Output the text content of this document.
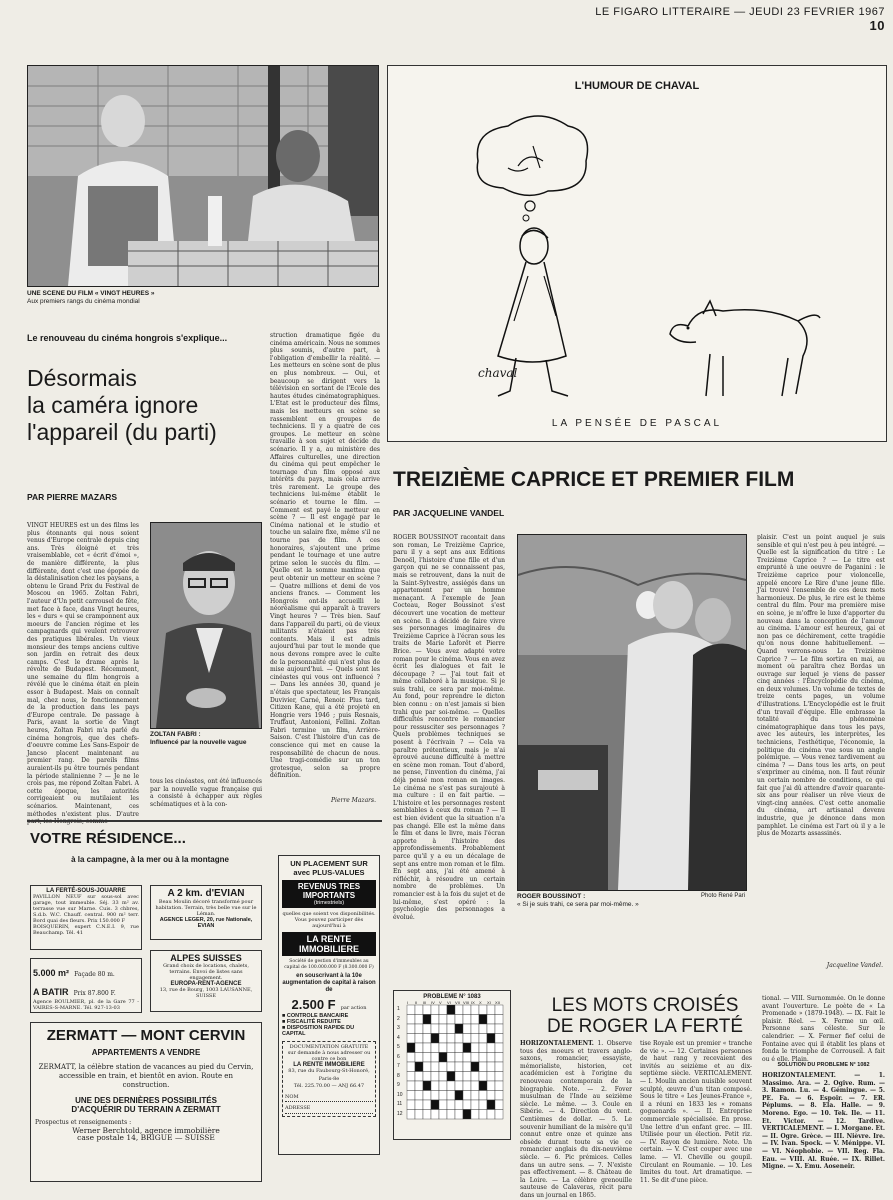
LE FIGARO LITTERAIRE — JEUDI 23 FEVRIER 1967 10
UNE SCENE DU FILM « VINGT HEURES »
Aux premiers rangs du cinéma mondial
Le renouveau du cinéma hongrois s'explique...
Désormais
la caméra ignore
l'appareil (du parti)
PAR PIERRE MAZARS
VINGT HEURES est un des films les plus étonnants qui nous soient venus d'Europe centrale depuis cinq ans. Très éloigné et très vraisemblable, cet « écrit d'émoi », de manière différente, la plus différente, dont c'est une épopée de la déstalinisation chez les paysans, a obtenu le Grand Prix du Festival de Moscou en 1965. Zoltan Fabri, l'auteur d'Un petit carrousel de fête, met face à face, dans Vingt heures, les « durs » qui se cramponnent aux moeurs de l'ancien régime et les campagnards qui veulent retrouver des pratiques libérales. Un vieux monsieur des temps anciens cultive son jardin en retrait des deux camps. C'est le drame après la révolte de Budapest. Récemment, une semaine du film hongrois a révélé que le cinéma était en plein essor à Budapest. Mais on connaît mal, chez nous, le fonctionnement de la production dans les pays d'Europe centrale. De passage à Paris, avant la sortie de Vingt heures, Zoltan Fabri m'a parlé du cinéma hongrois, que des chefs-d'oeuvre comme Les Sans-Espoir de Jancso placent maintenant au premier rang. De pareils films auraient-ils pu être tournés pendant la période stalinienne ? — Je ne le crois pas, me répond Zoltan Fabri. A cette époque, les autorités corrigeaient ou mutilaient les scénarios. Maintenant, ces méthodes n'existent plus. D'autre
ZOLTAN FABRI :
Influencé par la nouvelle vague
tous les cinéastes, ont été influencés par la nouvelle vague française qui a consisté à échapper aux règles schématiques et à la con-
struction dramatique figée du cinéma américain. Nous ne sommes plus soumis, d'autre part, à l'obligation d'embellir la réalité. — Les metteurs en scène sont de plus en plus nombreux. — Oui, et beaucoup se dirigent vers la télévision en sortant de l'Ecole des hautes études cinématographiques. L'Etat est le producteur des films, mais les metteurs en scène se rassemblent en groupes de techniciens. Il y a quatre de ces groupes. Le metteur en scène travaille à son sujet et décide du scénario. Il y a, au ministère des Affaires culturelles, une direction du cinéma qui peut empêcher le tournage d'un film opposé aux intérêts du pays, mais cela arrive très rarement. Le groupe des techniciens lui-même établit le scénario et tourne le film. — Comment est payé le metteur en scène ? — Il est engagé par le Cinéma national et le studio et touche un salaire fixe, même s'il ne tourne pas de film. A ces honoraires, s'ajoutent une prime pendant le tournage et une autre prime selon le succès du film. — Quelle est la somme maxima que peut obtenir un metteur en scène ? — Quatre millions et demi de vos anciens francs. — Comment les Hongrois ont-ils accueilli le néoréalisme qui apparaît à travers Vingt heures ? — Très bien. Sauf dans l'appareil du parti, où de vieux militants n'étaient pas très contents. Mais il est admis aujourd'hui par tout le monde que nous devons rompre avec le culte de la personnalité qui n'est plus de mise aujourd'hui. — Quels sont les cinéastes qui vous ont influencé ? — Dans les années 30, quand je n'étais que spectateur, les Français Duvivier, Carné, Renoir. Plus tard, Citizen Kane, qui a été projeté en Hongrie vers 1946 ; puis Resnais, Truffaut, Antonioni, Fellini. Zoltan Fabri termine un film, Arrière-Saison. C'est l'histoire d'un cas de conscience qui met en cause la responsabilité de chacun de nous. Une tragi-comédie sur un ton grotesque, selon sa propre définition.
Pierre Mazars.
L'HUMOUR DE CHAVAL
chaval
LA PENSÉE DE PASCAL
TREIZIÈME CAPRICE ET PREMIER FILM
PAR JACQUELINE VANDEL
ROGER BOUSSINOT racontait dans son roman, Le Treizième Caprice, paru il y a sept ans aux Editions Denoël, l'histoire d'une fille et d'un garçon qui ne se connaissent pas, mais se retrouvent, dans la nuit de la Saint-Sylvestre, assiégés dans un appartement par un homme menaçant. A l'exemple de Jean Cocteau, Roger Boussinot s'est découvert une vocation de metteur en scène. Il a décidé de faire vivre ses personnages imaginaires du Treizième Caprice à l'écran sous les traits de Marie Laforêt et Pierre Brice. — Vous avez adapté votre roman pour le cinéma. Vous en avez écrit les dialogues et fait le découpage ? — J'ai tout fait et même collaboré à la musique. Si je suis trahi, ce sera par moi-même. Au fond, pour reprendre le dicton bien connu : on n'est jamais si bien trahi que par soi-même. — Quelles difficultés rencontre le romancier pour ressusciter ses personnages ? Quels problèmes techniques se posent à l'écrivain ? — Cela va paraître prétentieux, mais je n'ai éprouvé aucune difficulté à mettre en scène mon roman. Tout d'abord, ne pense, l'invention du cinéma, j'ai déjà pensé mon roman en images. Le cinéma ne s'est pas surajouté à ma culture : il en fait partie. — L'histoire et les personnages restent semblables à ceux du roman ? — Il est bien évident que la situation n'a pas changé. Elle est la même dans le film et dans le livre, mais l'écran apporte à l'histoire des approfondissements. Probablement parce qu'il y a eu un décalage de sept ans entre mon roman et le film. En sept ans, j'ai été amené à réfléchir, à résoudre un certain nombre de problèmes. Un romancier est à la fois du sujet et de lui-même, s'est opéré : la psychologie des personnages a évolué.
Photo René Pari
ROGER BOUSSINOT :
« Si je suis trahi, ce sera par moi-même. »
plaisir. C'est un point auquel je suis sensible et qui n'est peu à peu intégré. — Quelle est la signification du titre : Le Treizième Caprice ? — Le titre est emprunté à une oeuvre de Paganini : le Treizième caprice pour violoncelle, appelé encore Le Rire d'une jeune fille. J'ai trouvé l'ensemble de ces deux mots harmonieux. De plus, le rire est le thème central du film. Pour ma première mise en scène, je m'offre le luxe d'apporter du nouveau dans la conception de l'amour au cinéma. L'amour est heureux, gai et non pas ce déchirement, cette tragédie qu'on nous donne habituellement. — Quand verrons-nous Le Treizième Caprice ? — Le film sortira en mai, au moment où paraîtra chez Bordas un ouvrage sur lequel je viens de passer cinq années : l'Encyclopédie du cinéma, en deux volumes. Un volume de textes de treize cents pages, un volume d'illustrations. L'Encyclopédie est le fruit d'un travail d'équipe. Elle embrasse la totalité du phénomène cinématographique dans tous les pays, avec les auteurs, les interprètes, les techniciens, l'esthétique, l'économie, la politique du cinéma vue sous un angle polémique. — Vous venez tardivement au cinéma ? — Dans tous les arts, on peut s'exprimer au cinéma, non. Il faut réunir un certain nombre de conditions, ce qui fait que j'ai dû attendre d'avoir quarante-six ans pour réaliser un rêve vieux de vingt-cinq années. C'est cette anomalie du cinéma, art artisanal devenu industrie, que je dénonce dans mon pamphlet. Le cinéma est l'art où il y a le plus de Mozarts assassinés.
Jacqueline Vandel.
VOTRE RÉSIDENCE...
à la campagne, à la mer ou à la montagne
LA FERTÉ-SOUS-JOUARRE
PAVILLON NEUF sur sous-sol avec garage, tout immeuble. Séj. 33 m² av. terrasse vue sur Marne. Cuis. 3 chbres, S.d.b. W.C. Chauff. central. 900 m² terr. Bord quai des fleurs. Prix 150.000 F
BOISQUERIN, expert C.N.E.I. 9, rue Beauchamp. Tél. 41
A 2 km. d'EVIAN
Beau Moulin décoré transformé pour habitation. Terrain, très belle vue sur le Léman.
AGENCE LEGER, 20, rue Nationale, EVIAN
5.000 m² Façade 80 m.
A BATIR Prix 87.800 F.
Agence BOULMIER, pl. de la Gare 77 - VAIRES-S-MARNE. Tél. 927-13-03
ALPES SUISSES
Grand choix de locations, chalets, terrains. Envoi de listes sans engagement.
EUROPA-RENT-AGENCE
13, rue de Bourg, 1003 LAUSANNE, SUISSE
ZERMATT — MONT CERVIN
APPARTEMENTS A VENDRE
ZERMATT, la célèbre station de vacances au pied du Cervin, accessible en train, et bientôt en avion. Route en construction.
UNE DES DERNIÈRES POSSIBILITÉS
D'ACQUÉRIR DU TERRAIN A ZERMATT
Prospectus et renseignements :
Werner Berchtold, agence immobilière
case postale 14, BRIGUE — SUISSE
UN PLACEMENT SUR avec PLUS-VALUES
REVENUS TRES IMPORTANTS
(trimestriels)
quelles que soient vos disponibilités. Vous pouvez participer dès aujourd'hui à
LA RENTE IMMOBILIERE
Société de gestion d'immeubles au capital de 100.000.000 F (8.300.000 F)
en souscrivant à la 10e augmentation de capital à raison de
2.500 F par action
■ CONTROLE BANCAIRE
■ FISCALITÉ REDUITE
■ DISPOSITION RAPIDE DU CAPITAL
DOCUMENTATION GRATUITE sur demande à nous adresser ou contre ce bon
LA RENTE IMMOBILIERE
83, rue du Faubourg-St-Honoré, Paris-8e
Tél. 225.70.00 — ANJ 66.47
NOM
ADRESSE
PROBLEME N° 1083
I	II	III	IV	V	VI	VII VIII IX	X	XI	XII
1
2
3
4
5
6
7
8
9
10
11
12
LES MOTS CROISÉS
DE ROGER LA FERTÉ
HORIZONTALEMENT. 1. Observe tous des moeurs et travers anglo-saxons, romancier, essayiste, mémorialiste, historien, cet académicien est à l'origine du renouveau contemporain de la biographie. Note. — 2. Fover musulman de l'Inde au seizième siècle. Le même. — 3. Coule en Sibérie. — 4. Direction du vent. Centièmes de dollar. — 5. Le souvenir humiliant de la misère qu'il connut entre onze et quinze ans obsède durant toute sa vie ce romancier anglais du dix-neuvième siècle. — 6. Pic prémices. Celles dans un autre sens. — 7. N'existe pas effectivement. — 8. Château de la Loire. — La célèbre grenouille sauteuse de Calaveras, récit paru dans un journal en 1865.
tise Royale est un premier « tranche de vie ». — 12. Certaines personnes de haut rang y recevaient des invités au seizième et au dix-septième siècle. VERTICALEMENT. — I. Moulin ancien nuisible souvent sculpté, œuvre d'un titan composé. Sous le titre « Les Jeunes-France », il a réuni en 1833 les « romans goguenards ». — II. Entreprise commerciale spécialisée. En prose. Une lettre d'un enfant grec. — III. Utilisée pour un élection. Petit riz. — IV. Rayon de lumière. Note. Un certain. — V. C'est couper avec une lame. — VI. Cheville ou goupil. Circulant en Roumanie. — 10. Les limites du tout. Art dramatique. — 11. Se dit d'une pièce.
tional. — VIII. Surnommée. On le donne avant l'ouverture. Le poète de « La Promenade » (1879-1948). — IX. Fait le plaisir. Réel. — X. Ferme un œil. Personne sans céleste. Sur le calendrier. — X. Fermer fief celui de Fontaine avec qui il établit les plans et fonda le triomphe de Corrouseil. A fait ou é elle. Plain.
SOLUTION DU PROBLEME N° 1082
HORIZONTALEMENT. — 1. Massimo. Ara. — 2. Ogive. Rum. — 3. Ramon. Lu. — 4. Gémingue. — 5. PE. Fa. — 6. Espoir. — 7. ER. Péplums. — 8. Ela. Halle. — 9. Moreno. Ego. — 10. Tek. Ile. — 11. Et. Victor. — 12. Tardive. VERTICALEMENT. — I. Morgane. Et. — II. Ogre. Grèce. — III. Nièvre. Ire. — IV. Ivan. Spock. — V. Ménippe. VI. — VI. Néophobie. — VII. Reg. Fla. Eau. — VIII. Al. Ruée. — IX. Rillet. Migne. — X. Emu. Aoseneir.
